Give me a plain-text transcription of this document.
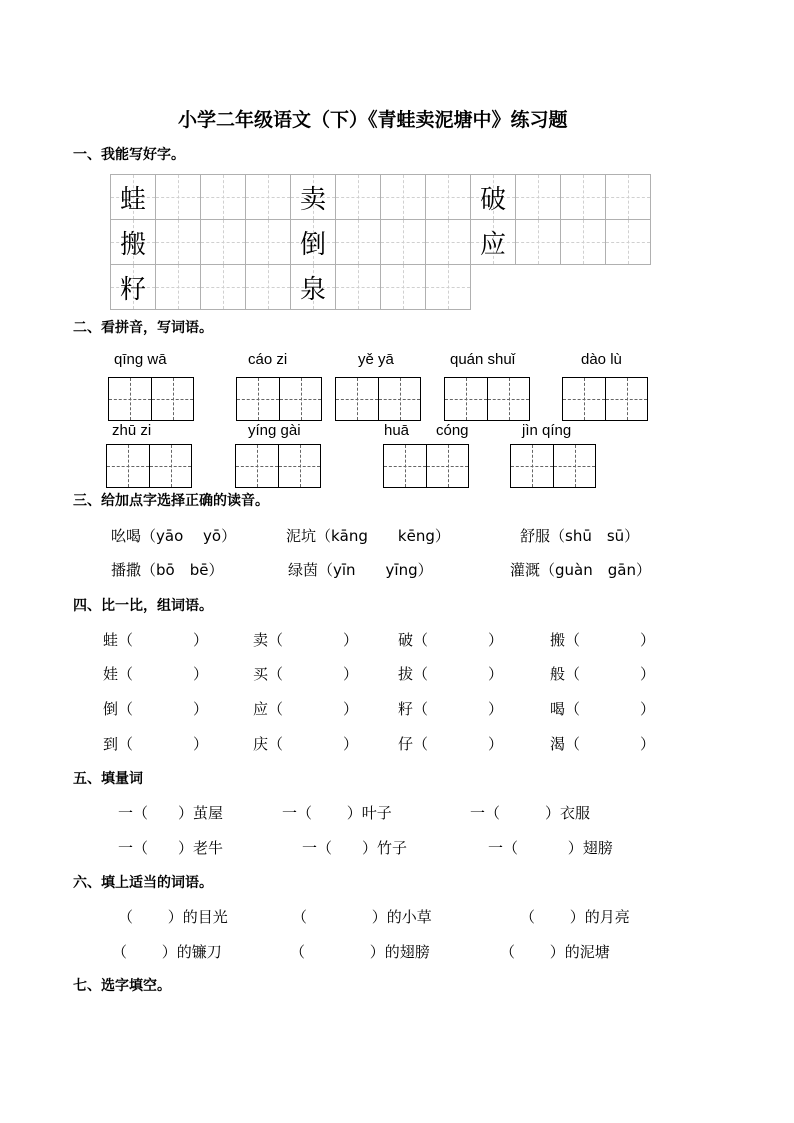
小学二年级语文（下）《青蛙卖泥塘中》练习题
一、我能写好字。
蛙	卖	破
搬	倒	应
籽	泉
二、看拼音，写词语。
qīng wā	cáo zi	yě yā	quán shuǐ	dào lù
zhū zi	yíng gài	huā cóng	jìn qíng
三、给加点字选择正确的读音。
吆喝（yāo　 yō）	泥坑（kāng　　kēng）	舒服（shū　sū）
播撒（bō　bē）	绿茵（yīn　　yīng）	灌溉（guàn　gān）
四、比一比，组词语。
蛙（　　　　）	卖（　　　　）	破（　　　　）	搬（　　　　）
娃（　　　　）	买（　　　　）	拔（　　　　）	般（　　　　）
倒（　　　　）	应（　　　　）	籽（　　　　）	喝（　　　　）
到（　　　　）	庆（　　　　）	仔（　　　　）	渴（　　　　）
五、填量词
一（　　）茧屋	一（　　 ）叶子	一（　　　）衣服
一（　　）老牛	一（　　）竹子	一（　　　 ）翅膀
六、填上适当的词语。
（　　 ）的目光	（　　　　 ）的小草	（　　 ）的月亮
（　　 ）的镰刀	（　　　　 ）的翅膀	（　　 ）的泥塘
七、选字填空。
